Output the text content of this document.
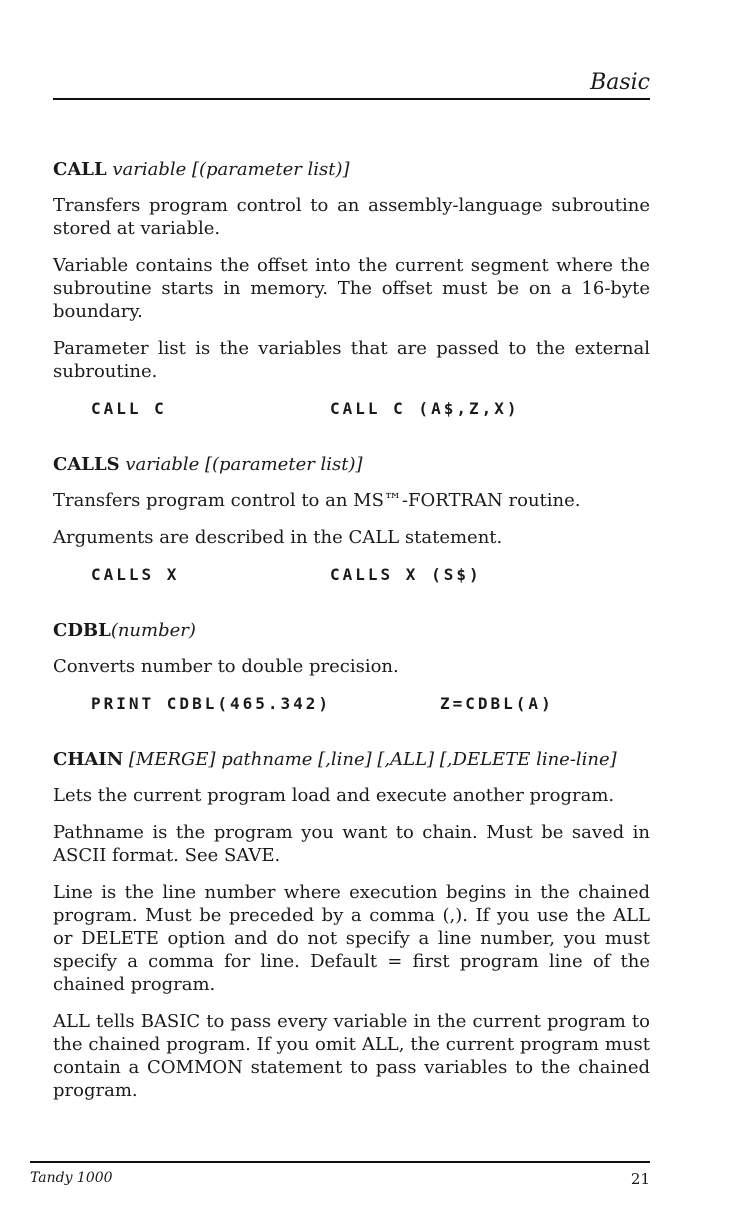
Basic
CALL variable [(parameter list)]

Transfers program control to an assembly-language subroutine stored at variable.

Variable contains the offset into the current segment where the subroutine starts in memory. The offset must be on a 16-byte boundary.

Parameter list is the variables that are passed to the external subroutine.

CALL C	CALL C (A$,Z,X)
CALLS variable [(parameter list)]

Transfers program control to an MS™-FORTRAN routine.

Arguments are described in the CALL statement.

CALLS X	CALLS X (S$)
CDBL(number)

Converts number to double precision.

PRINT CDBL(465.342)	Z=CDBL(A)
CHAIN [MERGE] pathname [,line] [,ALL] [,DELETE line-line]

Lets the current program load and execute another program.

Pathname is the program you want to chain. Must be saved in ASCII format. See SAVE.

Line is the line number where execution begins in the chained program. Must be preceded by a comma (,). If you use the ALL or DELETE option and do not specify a line number, you must specify a comma for line. Default = first program line of the chained program.

ALL tells BASIC to pass every variable in the current program to the chained program. If you omit ALL, the current program must contain a COMMON statement to pass variables to the chained program.

Tandy 1000	21
